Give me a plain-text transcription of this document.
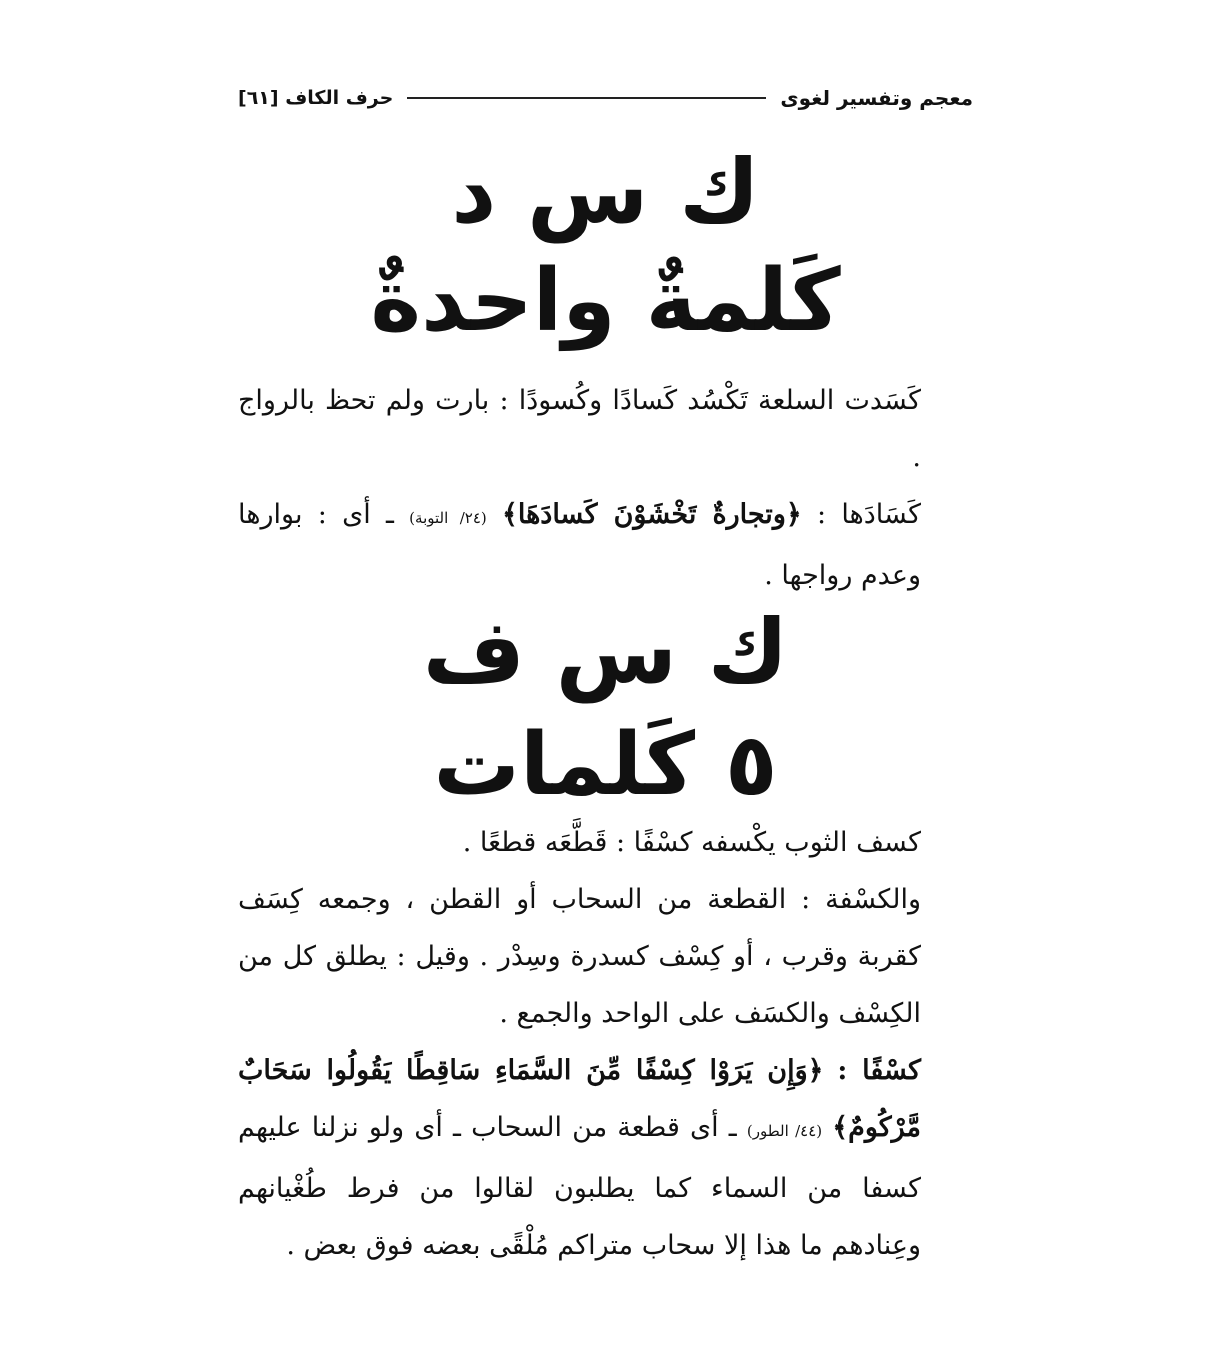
معجم وتفسير لغوى
حرف الكاف [٦١]
ك س د
كَلمةٌ واحدةٌ

كَسَدت السلعة تَكْسُد كَسادًا وكُسودًا : بارت ولم تحظ بالرواج .

كَسَادَها : ﴿وتجارةٌ تَخْشَوْنَ كَسادَهَا﴾ (٢٤/ التوبة) ـ أى : بوارها وعدم رواجها .

ك س ف
٥ كَلمات

كسف الثوب يكْسفه كسْفًا : قَطَّعَه قطعًا .

والكسْفة : القطعة من السحاب أو القطن ، وجمعه كِسَف كقربة وقرب ، أو كِسْف كسدرة وسِدْر . وقيل : يطلق كل من الكِسْف والكسَف على الواحد والجمع .

كسْفًا : ﴿وَإِن يَرَوْا كِسْفًا مِّنَ السَّمَاءِ سَاقِطًا يَقُولُوا سَحَابٌ مَّرْكُومٌ﴾ (٤٤/ الطور) ـ أى قطعة من السحاب ـ أى ولو نزلنا عليهم كسفا من السماء كما يطلبون لقالوا من فرط طُغْيانهم وعِنادهم ما هذا إلا سحاب متراكم مُلْقًى بعضه فوق بعض .
